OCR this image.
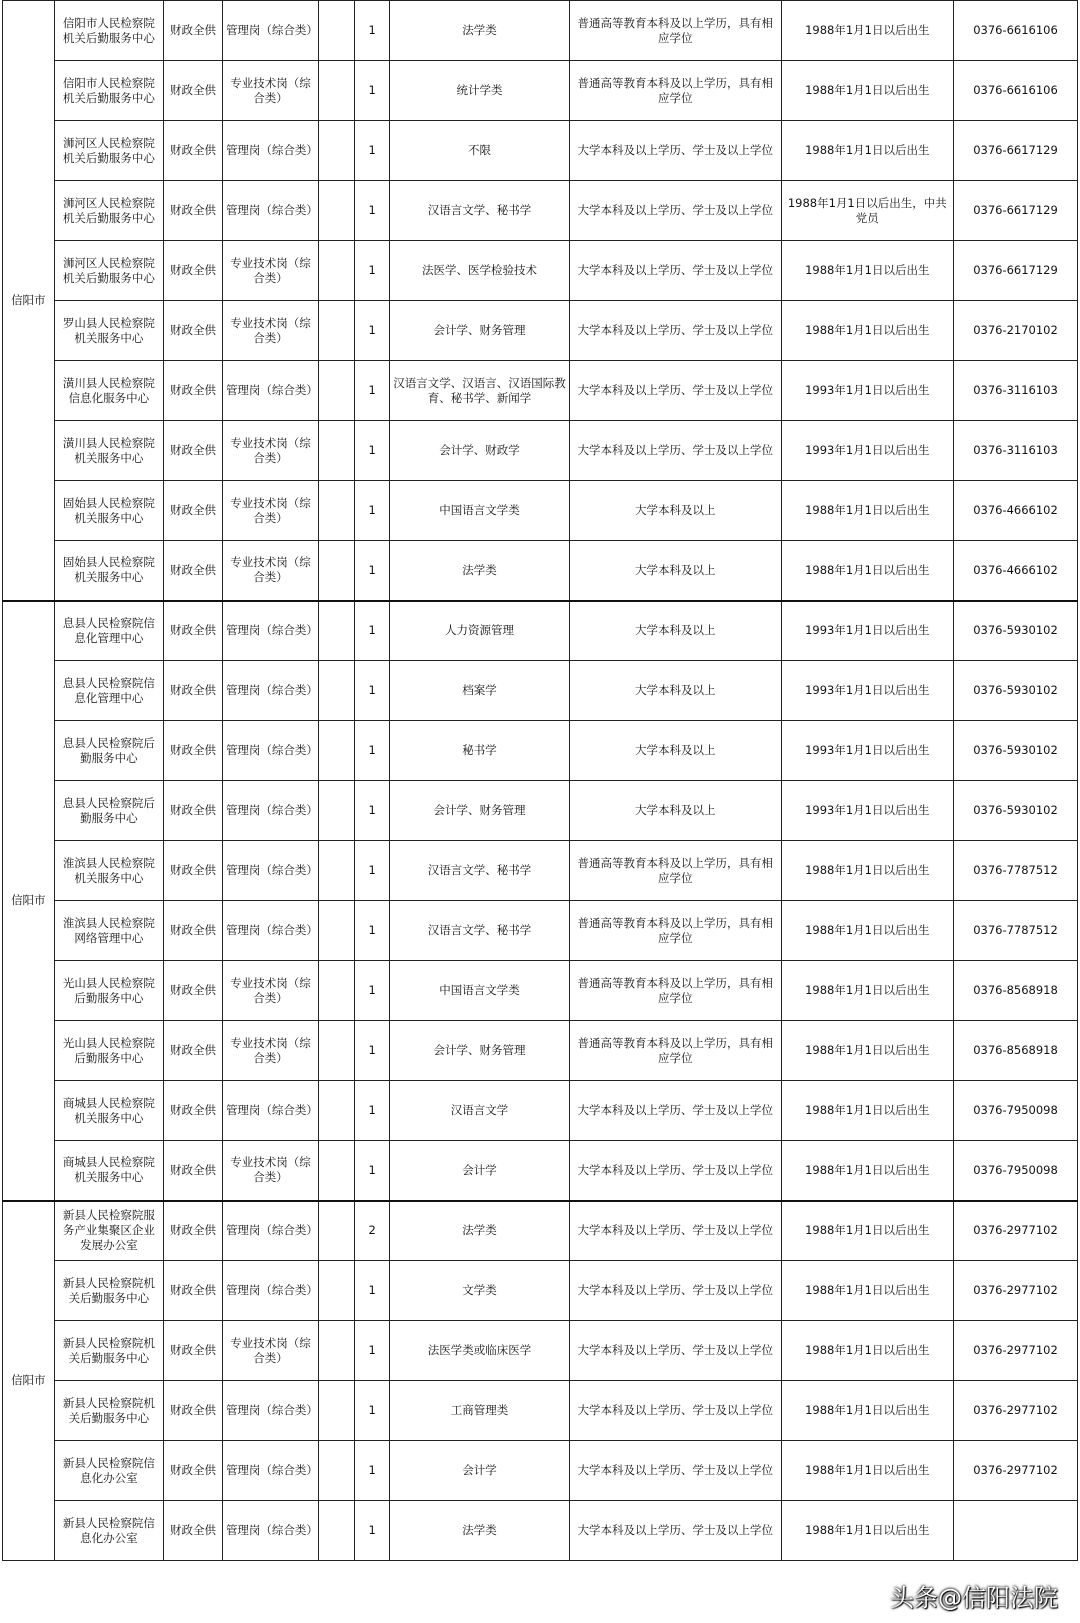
信阳市	信阳市人民检察院机关后勤服务中心	财政全供	管理岗（综合类）		1	法学类	普通高等教育本科及以上学历，具有相应学位	1988年1月1日以后出生	0376-6616106
	信阳市人民检察院机关后勤服务中心	财政全供	专业技术岗（综合类）		1	统计学类	普通高等教育本科及以上学历，具有相应学位	1988年1月1日以后出生	0376-6616106
	浉河区人民检察院机关后勤服务中心	财政全供	管理岗（综合类）		1	不限	大学本科及以上学历、学士及以上学位	1988年1月1日以后出生	0376-6617129
	浉河区人民检察院机关后勤服务中心	财政全供	管理岗（综合类）		1	汉语言文学、秘书学	大学本科及以上学历、学士及以上学位	1988年1月1日以后出生，中共党员	0376-6617129
	浉河区人民检察院机关后勤服务中心	财政全供	专业技术岗（综合类）		1	法医学、医学检验技术	大学本科及以上学历、学士及以上学位	1988年1月1日以后出生	0376-6617129
	罗山县人民检察院机关服务中心	财政全供	专业技术岗（综合类）		1	会计学、财务管理	大学本科及以上学历、学士及以上学位	1988年1月1日以后出生	0376-2170102
	潢川县人民检察院信息化服务中心	财政全供	管理岗（综合类）		1	汉语言文学、汉语言、汉语国际教育、秘书学、新闻学	大学本科及以上学历、学士及以上学位	1993年1月1日以后出生	0376-3116103
	潢川县人民检察院机关服务中心	财政全供	专业技术岗（综合类）		1	会计学、财政学	大学本科及以上学历、学士及以上学位	1993年1月1日以后出生	0376-3116103
	固始县人民检察院机关服务中心	财政全供	专业技术岗（综合类）		1	中国语言文学类	大学本科及以上	1988年1月1日以后出生	0376-4666102
	固始县人民检察院机关服务中心	财政全供	专业技术岗（综合类）		1	法学类	大学本科及以上	1988年1月1日以后出生	0376-4666102
信阳市	息县人民检察院信息化管理中心	财政全供	管理岗（综合类）		1	人力资源管理	大学本科及以上	1993年1月1日以后出生	0376-5930102
	息县人民检察院信息化管理中心	财政全供	管理岗（综合类）		1	档案学	大学本科及以上	1993年1月1日以后出生	0376-5930102
	息县人民检察院后勤服务中心	财政全供	管理岗（综合类）		1	秘书学	大学本科及以上	1993年1月1日以后出生	0376-5930102
	息县人民检察院后勤服务中心	财政全供	管理岗（综合类）		1	会计学、财务管理	大学本科及以上	1993年1月1日以后出生	0376-5930102
	淮滨县人民检察院机关服务中心	财政全供	管理岗（综合类）		1	汉语言文学、秘书学	普通高等教育本科及以上学历，具有相应学位	1988年1月1日以后出生	0376-7787512
	淮滨县人民检察院网络管理中心	财政全供	管理岗（综合类）		1	汉语言文学、秘书学	普通高等教育本科及以上学历，具有相应学位	1988年1月1日以后出生	0376-7787512
	光山县人民检察院后勤服务中心	财政全供	专业技术岗（综合类）		1	中国语言文学类	普通高等教育本科及以上学历，具有相应学位	1988年1月1日以后出生	0376-8568918
	光山县人民检察院后勤服务中心	财政全供	专业技术岗（综合类）		1	会计学、财务管理	普通高等教育本科及以上学历，具有相应学位	1988年1月1日以后出生	0376-8568918
	商城县人民检察院机关服务中心	财政全供	管理岗（综合类）		1	汉语言文学	大学本科及以上学历、学士及以上学位	1988年1月1日以后出生	0376-7950098
	商城县人民检察院机关服务中心	财政全供	专业技术岗（综合类）		1	会计学	大学本科及以上学历、学士及以上学位	1988年1月1日以后出生	0376-7950098
信阳市	新县人民检察院服务产业集聚区企业发展办公室	财政全供	管理岗（综合类）		2	法学类	大学本科及以上学历、学士及以上学位	1988年1月1日以后出生	0376-2977102
	新县人民检察院机关后勤服务中心	财政全供	管理岗（综合类）		1	文学类	大学本科及以上学历、学士及以上学位	1988年1月1日以后出生	0376-2977102
	新县人民检察院机关后勤服务中心	财政全供	专业技术岗（综合类）		1	法医学类或临床医学	大学本科及以上学历、学士及以上学位	1988年1月1日以后出生	0376-2977102
	新县人民检察院机关后勤服务中心	财政全供	管理岗（综合类）		1	工商管理类	大学本科及以上学历、学士及以上学位	1988年1月1日以后出生	0376-2977102
	新县人民检察院信息化办公室	财政全供	管理岗（综合类）		1	会计学	大学本科及以上学历、学士及以上学位	1988年1月1日以后出生	0376-2977102
	新县人民检察院信息化办公室	财政全供	管理岗（综合类）		1	法学类	大学本科及以上学历、学士及以上学位	1988年1月1日以后出生	
头条@信阳法院
